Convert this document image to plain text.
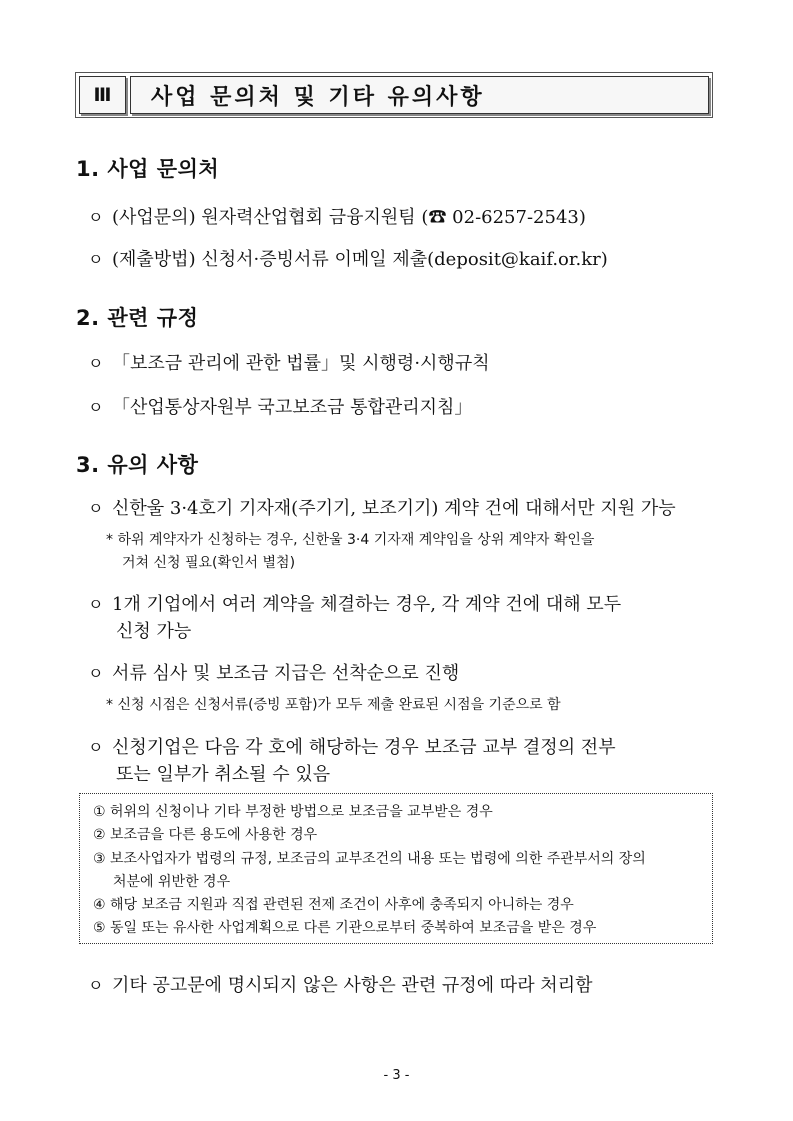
Ⅲ	사업 문의처 및 기타 유의사항
1. 사업 문의처
ㅇ (사업문의) 원자력산업협회 금융지원팀 (☎ 02-6257-2543)
ㅇ (제출방법) 신청서·증빙서류 이메일 제출(deposit@kaif.or.kr)
2. 관련 규정
ㅇ 「보조금 관리에 관한 법률」및 시행령·시행규칙
ㅇ 「산업통상자원부 국고보조금 통합관리지침」
3. 유의 사항
ㅇ 신한울 3·4호기 기자재(주기기, 보조기기) 계약 건에 대해서만 지원 가능
* 하위 계약자가 신청하는 경우, 신한울 3·4 기자재 계약임을 상위 계약자 확인을
거쳐 신청 필요(확인서 별첨)
ㅇ 1개 기업에서 여러 계약을 체결하는 경우, 각 계약 건에 대해 모두
신청 가능
ㅇ 서류 심사 및 보조금 지급은 선착순으로 진행
* 신청 시점은 신청서류(증빙 포함)가 모두 제출 완료된 시점을 기준으로 함
ㅇ 신청기업은 다음 각 호에 해당하는 경우 보조금 교부 결정의 전부
또는 일부가 취소될 수 있음
① 허위의 신청이나 기타 부정한 방법으로 보조금을 교부받은 경우
② 보조금을 다른 용도에 사용한 경우
③ 보조사업자가 법령의 규정, 보조금의 교부조건의 내용 또는 법령에 의한 주관부서의 장의
처분에 위반한 경우
④ 해당 보조금 지원과 직접 관련된 전제 조건이 사후에 충족되지 아니하는 경우
⑤ 동일 또는 유사한 사업계획으로 다른 기관으로부터 중복하여 보조금을 받은 경우
ㅇ 기타 공고문에 명시되지 않은 사항은 관련 규정에 따라 처리함
- 3 -
